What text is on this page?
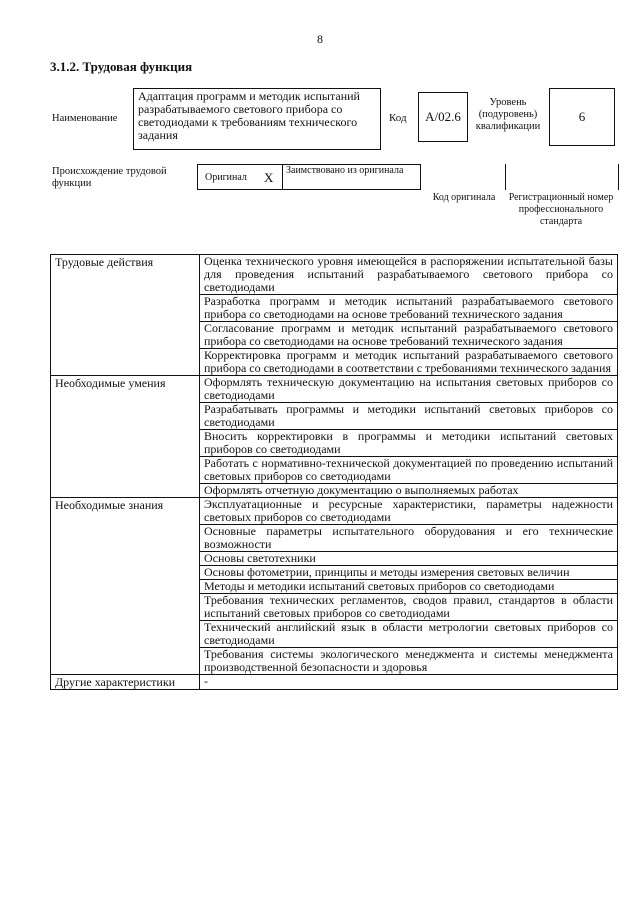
8
3.1.2. Трудовая функция
Наименование
Адаптация программ и методик испытаний разрабатываемого светового прибора со светодиодами к требованиям технического задания
Код	А/02.6
Уровень (подуровень) квалификации
6
Происхождение трудовой функции
Оригинал Х Заимствовано из оригинала
Код оригинала	Регистрационный номер профессионального стандарта
Трудовые действия	Оценка технического уровня имеющейся в распоряжении испытательной базы для проведения испытаний разрабатываемого светового прибора со светодиодами
	Разработка программ и методик испытаний разрабатываемого светового прибора со светодиодами на основе требований технического задания
	Согласование программ и методик испытаний разрабатываемого светового прибора со светодиодами на основе требований технического задания
	Корректировка программ и методик испытаний разрабатываемого светового прибора со светодиодами в соответствии с требованиями технического задания
Необходимые умения	Оформлять техническую документацию на испытания световых приборов со светодиодами
	Разрабатывать программы и методики испытаний световых приборов со светодиодами
	Вносить корректировки в программы и методики испытаний световых приборов со светодиодами
	Работать с нормативно-технической документацией по проведению испытаний световых приборов со светодиодами
	Оформлять отчетную документацию о выполняемых работах
Необходимые знания	Эксплуатационные и ресурсные характеристики, параметры надежности световых приборов со светодиодами
	Основные параметры испытательного оборудования и его технические возможности
	Основы светотехники
	Основы фотометрии, принципы и методы измерения световых величин
	Методы и методики испытаний световых приборов со светодиодами
	Требования технических регламентов, сводов правил, стандартов в области испытаний световых приборов со светодиодами
	Технический английский язык в области метрологии световых приборов со светодиодами
	Требования системы экологического менеджмента и системы менеджмента производственной безопасности и здоровья
Другие характеристики	-
